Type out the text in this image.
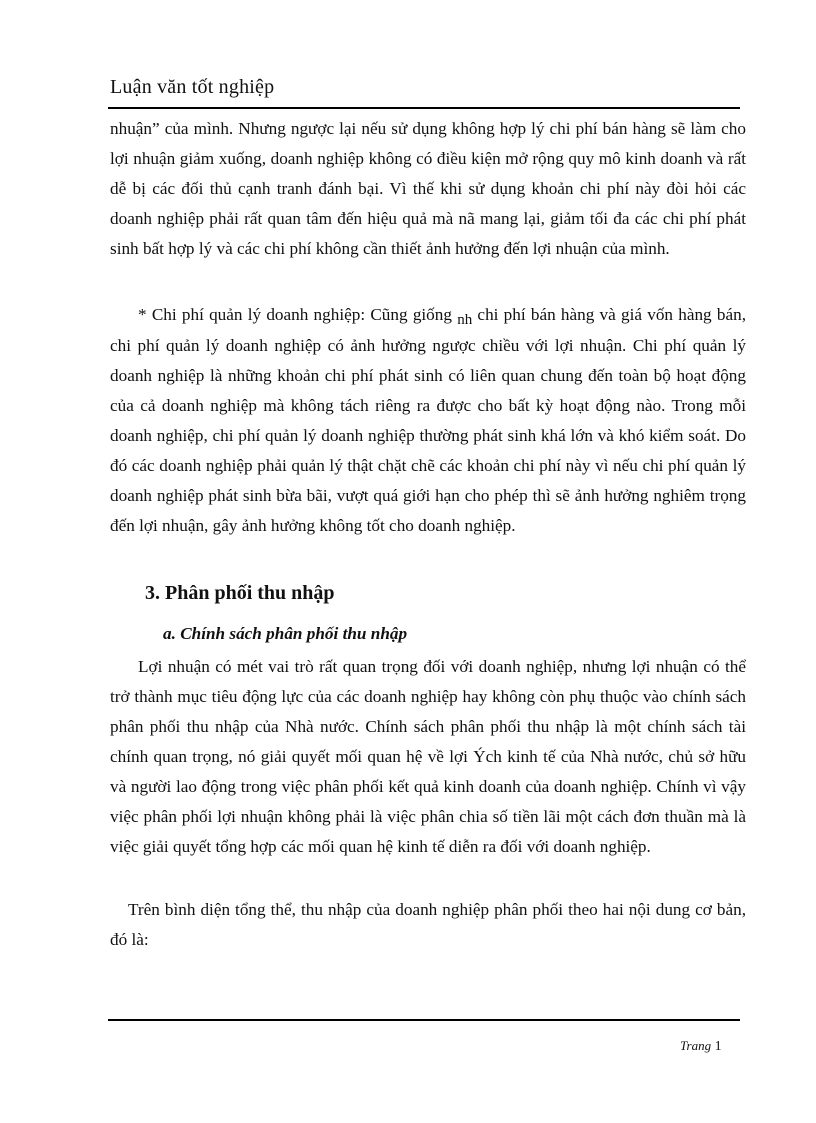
Luận văn tốt nghiệp

nhuận” của mình. Nhưng ngược lại nếu sử dụng không hợp lý chi phí bán hàng sẽ làm cho lợi nhuận giảm xuống, doanh nghiệp không có điều kiện mở rộng quy mô kinh doanh và rất dễ bị các đối thủ cạnh tranh đánh bại. Vì thế khi sử dụng khoản chi phí này đòi hỏi các doanh nghiệp phải rất quan tâm đến hiệu quả mà nã mang lại, giảm tối đa các chi phí phát sinh bất hợp lý và các chi phí không cần thiết ảnh hưởng đến lợi nhuận của mình.

* Chi phí quản lý doanh nghiệp: Cũng giống nh chi phí bán hàng và giá vốn hàng bán, chi phí quản lý doanh nghiệp có ảnh hưởng ngược chiều với lợi nhuận. Chi phí quản lý doanh nghiệp là những khoản chi phí phát sinh có liên quan chung đến toàn bộ hoạt động của cả doanh nghiệp mà không tách riêng ra được cho bất kỳ hoạt động nào. Trong mỗi doanh nghiệp, chi phí quản lý doanh nghiệp thường phát sinh khá lớn và khó kiểm soát. Do đó các doanh nghiệp phải quản lý thật chặt chẽ các khoản chi phí này vì nếu chi phí quản lý doanh nghiệp phát sinh bừa bãi, vượt quá giới hạn cho phép thì sẽ ảnh hưởng nghiêm trọng đến lợi nhuận, gây ảnh hưởng không tốt cho doanh nghiệp.

3. Phân phối thu nhập
a. Chính sách phân phối thu nhập

Lợi nhuận có mét vai trò rất quan trọng đối với doanh nghiệp, nhưng lợi nhuận có thể trở thành mục tiêu động lực của các doanh nghiệp hay không còn phụ thuộc vào chính sách phân phối thu nhập của Nhà nước. Chính sách phân phối thu nhập là một chính sách tài chính quan trọng, nó giải quyết mối quan hệ về lợi Ých kinh tế của Nhà nước, chủ sở hữu và người lao động trong việc phân phối kết quả kinh doanh của doanh nghiệp. Chính vì vậy việc phân phối lợi nhuận không phải là việc phân chia số tiền lãi một cách đơn thuần mà là việc giải quyết tổng hợp các mối quan hệ kinh tế diễn ra đối với doanh nghiệp.

Trên bình diện tổng thể, thu nhập của doanh nghiệp phân phối theo hai nội dung cơ bản, đó là:

Trang 1
